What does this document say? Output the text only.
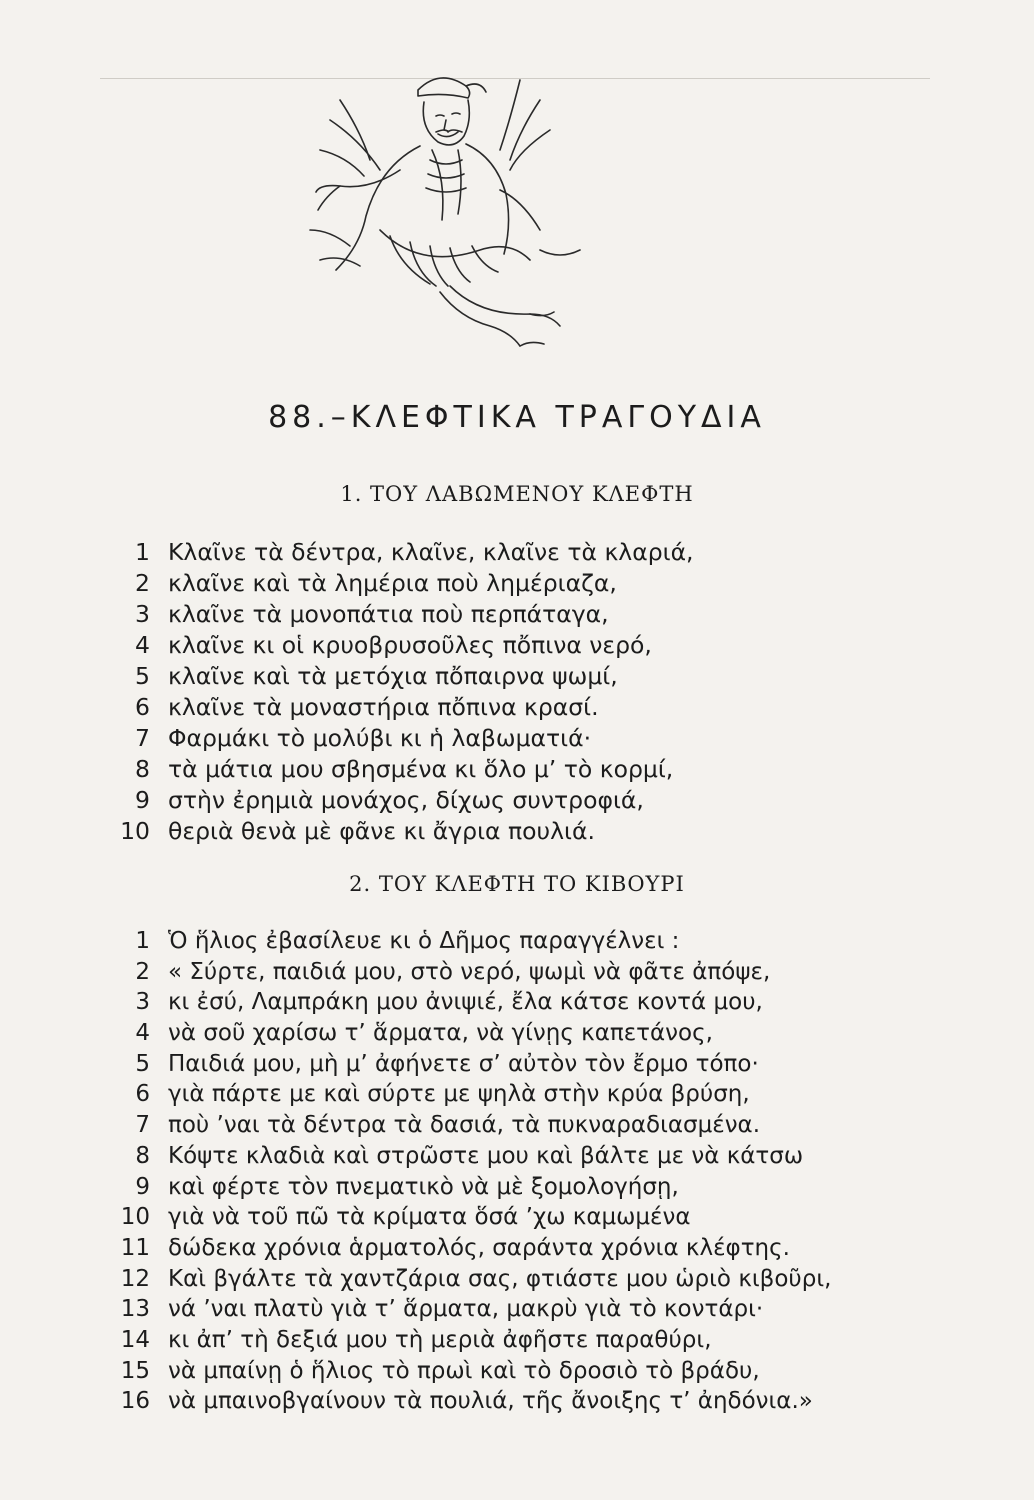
88.–ΚΛΕΦΤΙΚΑ ΤΡΑΓΟΥΔΙΑ
1. ΤΟΥ ΛΑΒΩΜΕΝΟΥ ΚΛΕΦΤΗ
1 Κλαῖνε τὰ δέντρα, κλαῖνε, κλαῖνε τὰ κλαριά,
2 κλαῖνε καὶ τὰ λημέρια ποὺ λημέριαζα,
3 κλαῖνε τὰ μονοπάτια ποὺ περπάταγα,
4 κλαῖνε κι οἱ κρυοβρυσοῦλες πὄπινα νερό,
5 κλαῖνε καὶ τὰ μετόχια πὄπαιρνα ψωμί,
6 κλαῖνε τὰ μοναστήρια πὄπινα κρασί.
7 Φαρμάκι τὸ μολύβι κι ἡ λαβωματιά·
8 τὰ μάτια μου σβησμένα κι ὅλο μ’ τὸ κορμί,
9 στὴν ἐρημιὰ μονάχος, δίχως συντροφιά,
10 θεριὰ θενὰ μὲ φᾶνε κι ἄγρια πουλιά.
2. ΤΟΥ ΚΛΕΦΤΗ ΤΟ ΚΙΒΟΥΡΙ
1 Ὁ ἥλιος ἐβασίλευε κι ὁ Δῆμος παραγγέλνει :
2 « Σύρτε, παιδιά μου, στὸ νερό, ψωμὶ νὰ φᾶτε ἀπόψε,
3 κι ἐσύ, Λαμπράκη μου ἀνιψιέ, ἔλα κάτσε κοντά μου,
4 νὰ σοῦ χαρίσω τ’ ἅρματα, νὰ γίνῃς καπετάνος,
5 Παιδιά μου, μὴ μ’ ἀφήνετε σ’ αὐτὸν τὸν ἔρμο τόπο·
6 γιὰ πάρτε με καὶ σύρτε με ψηλὰ στὴν κρύα βρύση,
7 ποὺ ’ναι τὰ δέντρα τὰ δασιά, τὰ πυκναραδιασμένα.
8 Κόψτε κλαδιὰ καὶ στρῶστε μου καὶ βάλτε με νὰ κάτσω
9 καὶ φέρτε τὸν πνεματικὸ νὰ μὲ ξομολογήσῃ,
10 γιὰ νὰ τοῦ πῶ τὰ κρίματα ὅσά ’χω καμωμένα
11 δώδεκα χρόνια ἁρματολός, σαράντα χρόνια κλέφτης.
12 Καὶ βγάλτε τὰ χαντζάρια σας, φτιάστε μου ὡριὸ κιβοῦρι,
13 νά ’ναι πλατὺ γιὰ τ’ ἅρματα, μακρὺ γιὰ τὸ κοντάρι·
14 κι ἀπ’ τὴ δεξιά μου τὴ μεριὰ ἀφῆστε παραθύρι,
15 νὰ μπαίνῃ ὁ ἥλιος τὸ πρωὶ καὶ τὸ δροσιὸ τὸ βράδυ,
16 νὰ μπαινοβγαίνουν τὰ πουλιά, τῆς ἄνοιξης τ’ ἀηδόνια.»
